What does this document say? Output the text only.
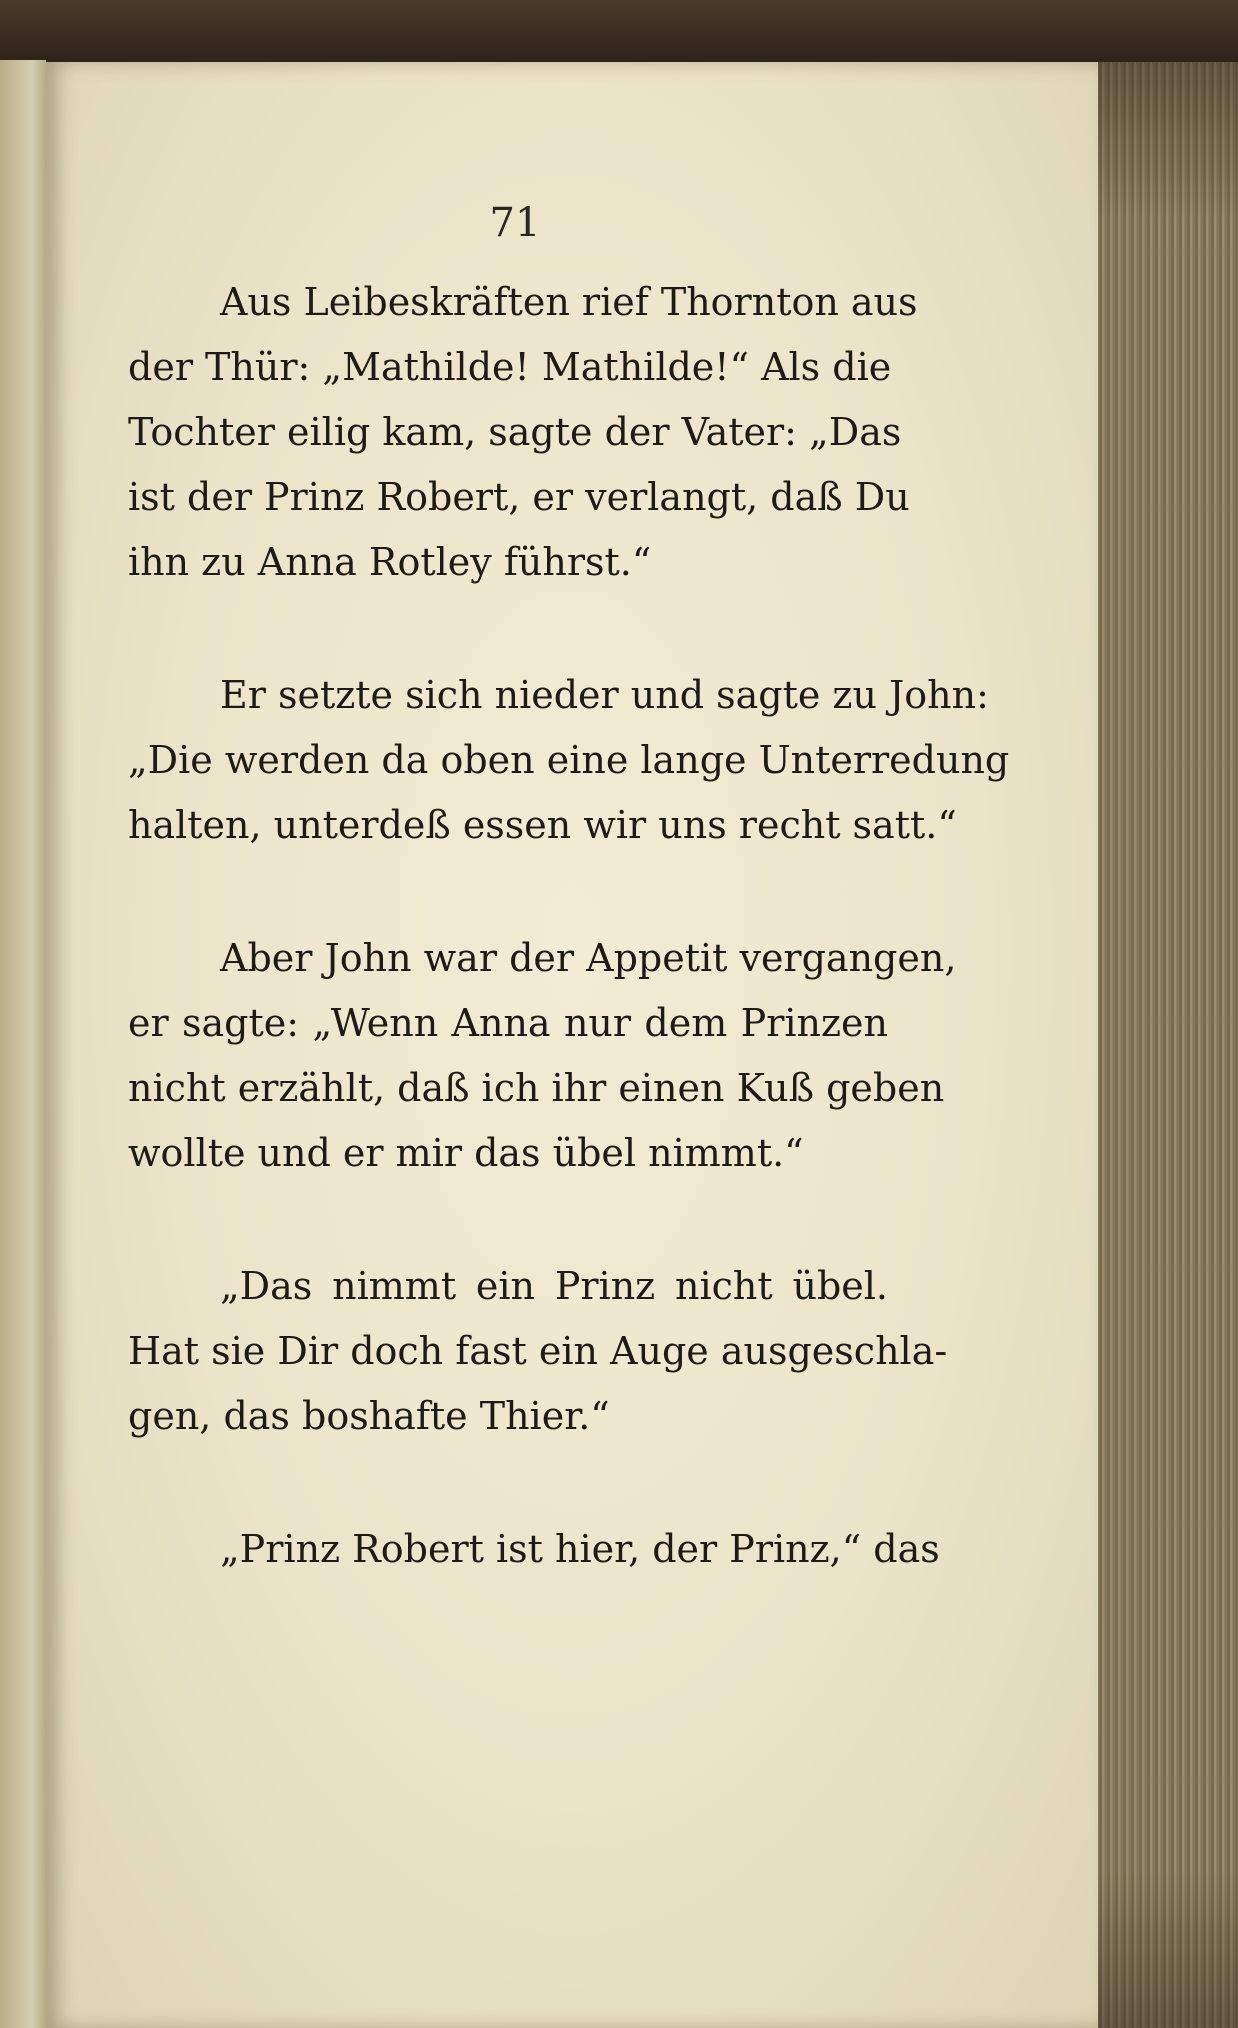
71

Aus Leibeskräften rief Thornton aus
der Thür: „Mathilde! Mathilde!“ Als die
Tochter eilig kam, sagte der Vater: „Das
ist der Prinz Robert, er verlangt, daß Du
ihn zu Anna Rotley führst.“

Er setzte sich nieder und sagte zu John:
„Die werden da oben eine lange Unterredung
halten, unterdeß essen wir uns recht satt.“

Aber John war der Appetit vergangen,
er sagte: „Wenn Anna nur dem Prinzen
nicht erzählt, daß ich ihr einen Kuß geben
wollte und er mir das übel nimmt.“

„Das nimmt ein Prinz nicht übel.
Hat sie Dir doch fast ein Auge ausgeschla-
gen, das boshafte Thier.“

„Prinz Robert ist hier, der Prinz,“ das
